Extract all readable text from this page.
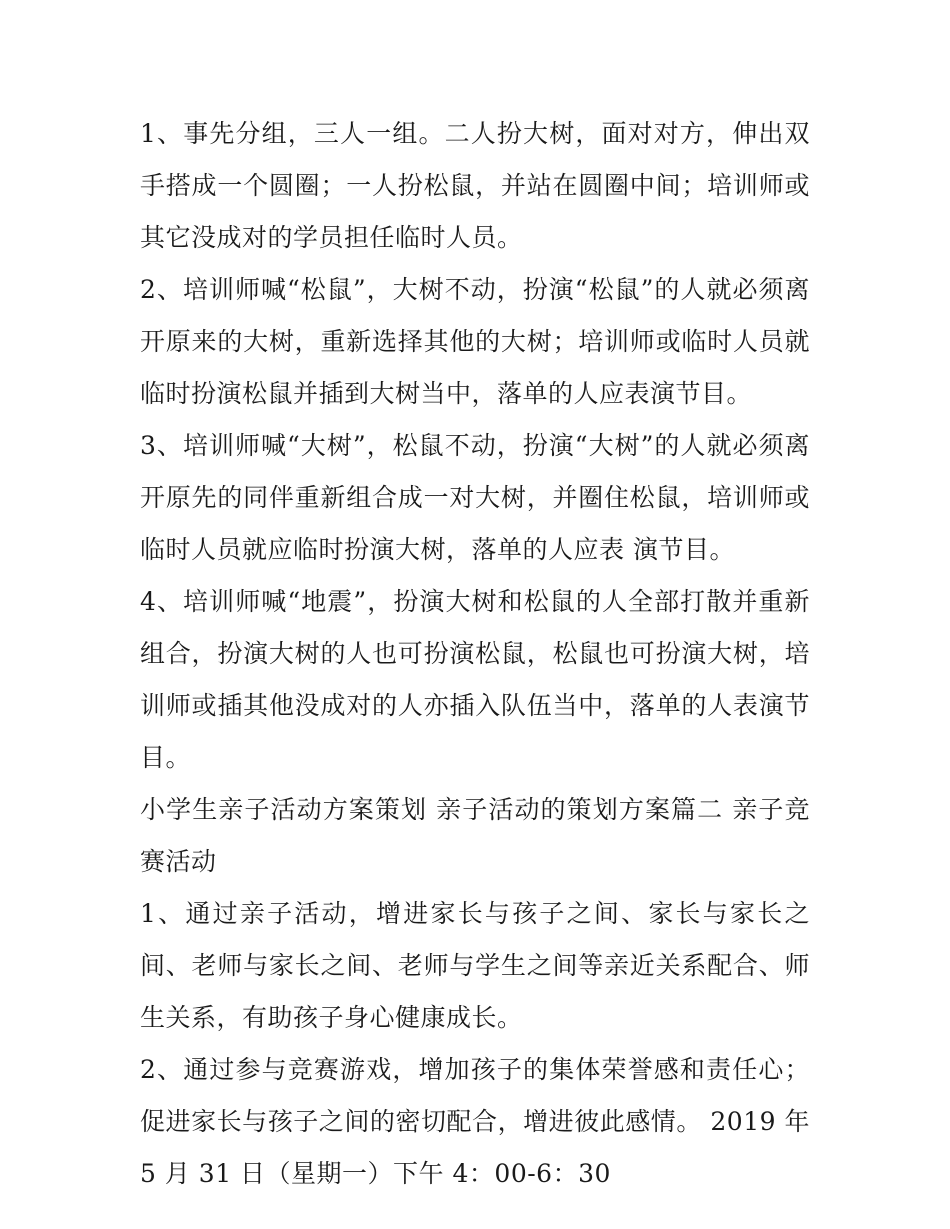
1、事先分组，三人一组。二人扮大树，面对对方，伸出双手搭成一个圆圈；一人扮松鼠，并站在圆圈中间；培训师或其它没成对的学员担任临时人员。

2、培训师喊“松鼠”，大树不动，扮演“松鼠”的人就必须离开原来的大树，重新选择其他的大树；培训师或临时人员就临时扮演松鼠并插到大树当中，落单的人应表演节目。

3、培训师喊“大树”，松鼠不动，扮演“大树”的人就必须离开原先的同伴重新组合成一对大树，并圈住松鼠，培训师或临时人员就应临时扮演大树，落单的人应表 演节目。

4、培训师喊“地震”，扮演大树和松鼠的人全部打散并重新组合，扮演大树的人也可扮演松鼠，松鼠也可扮演大树，培训师或插其他没成对的人亦插入队伍当中，落单的人表演节目。

小学生亲子活动方案策划 亲子活动的策划方案篇二 亲子竞赛活动

1、通过亲子活动，增进家长与孩子之间、家长与家长之间、老师与家长之间、老师与学生之间等亲近关系配合、师生关系，有助孩子身心健康成长。

2、通过参与竞赛游戏，增加孩子的集体荣誉感和责任心；促进家长与孩子之间的密切配合，增进彼此感情。 2019 年 5 月 31 日（星期一）下午 4：00-6：30
